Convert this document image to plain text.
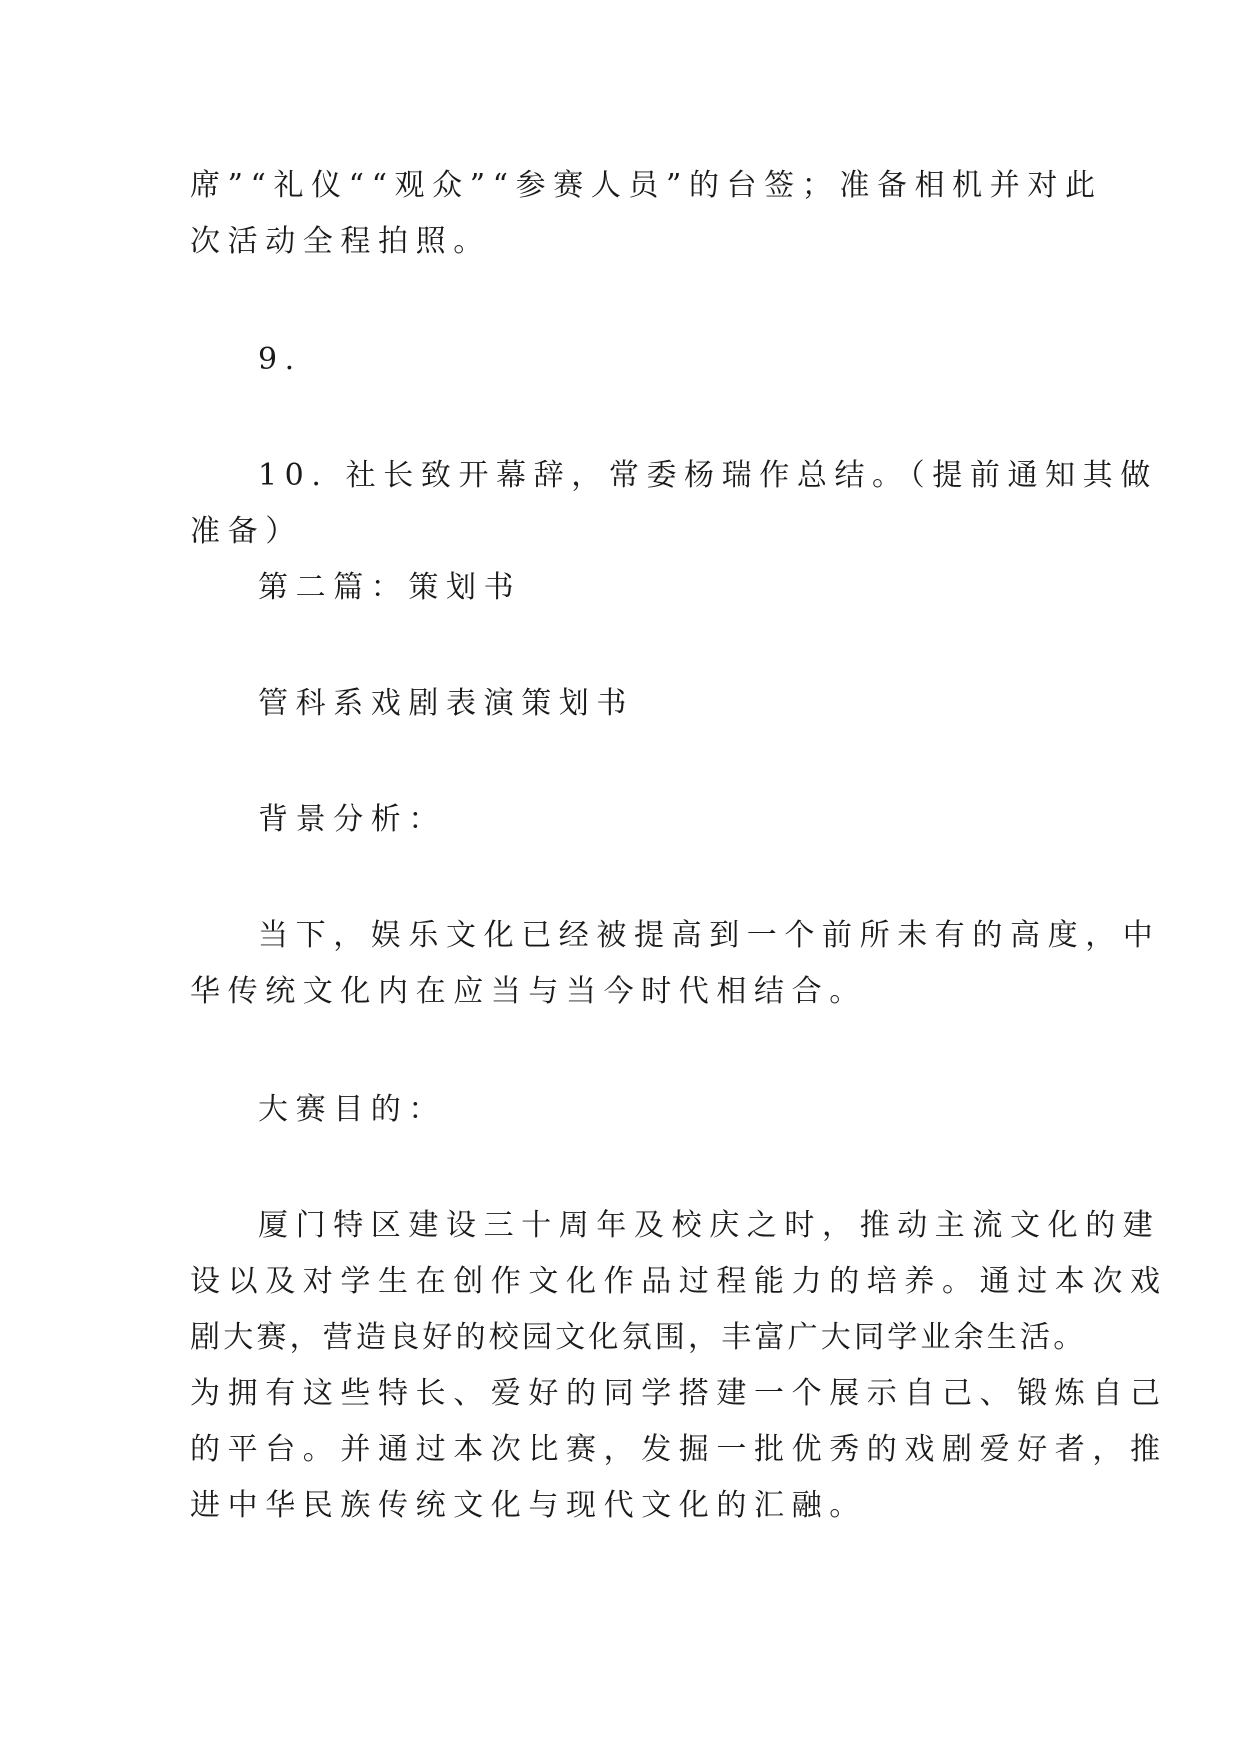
席”“礼仪““观众”“参赛人员”的台签；准备相机并对此

次活动全程拍照。

9.

10. 社长致开幕辞，常委杨瑞作总结。（提前通知其做

准备）

第二篇：策划书

管科系戏剧表演策划书

背景分析：

当下，娱乐文化已经被提高到一个前所未有的高度，中

华传统文化内在应当与当今时代相结合。

大赛目的：

厦门特区建设三十周年及校庆之时，推动主流文化的建

设以及对学生在创作文化作品过程能力的培养。通过本次戏

剧大赛，营造良好的校园文化氛围，丰富广大同学业余生活。

为拥有这些特长、爱好的同学搭建一个展示自己、锻炼自己

的平台。并通过本次比赛，发掘一批优秀的戏剧爱好者，推

进中华民族传统文化与现代文化的汇融。
